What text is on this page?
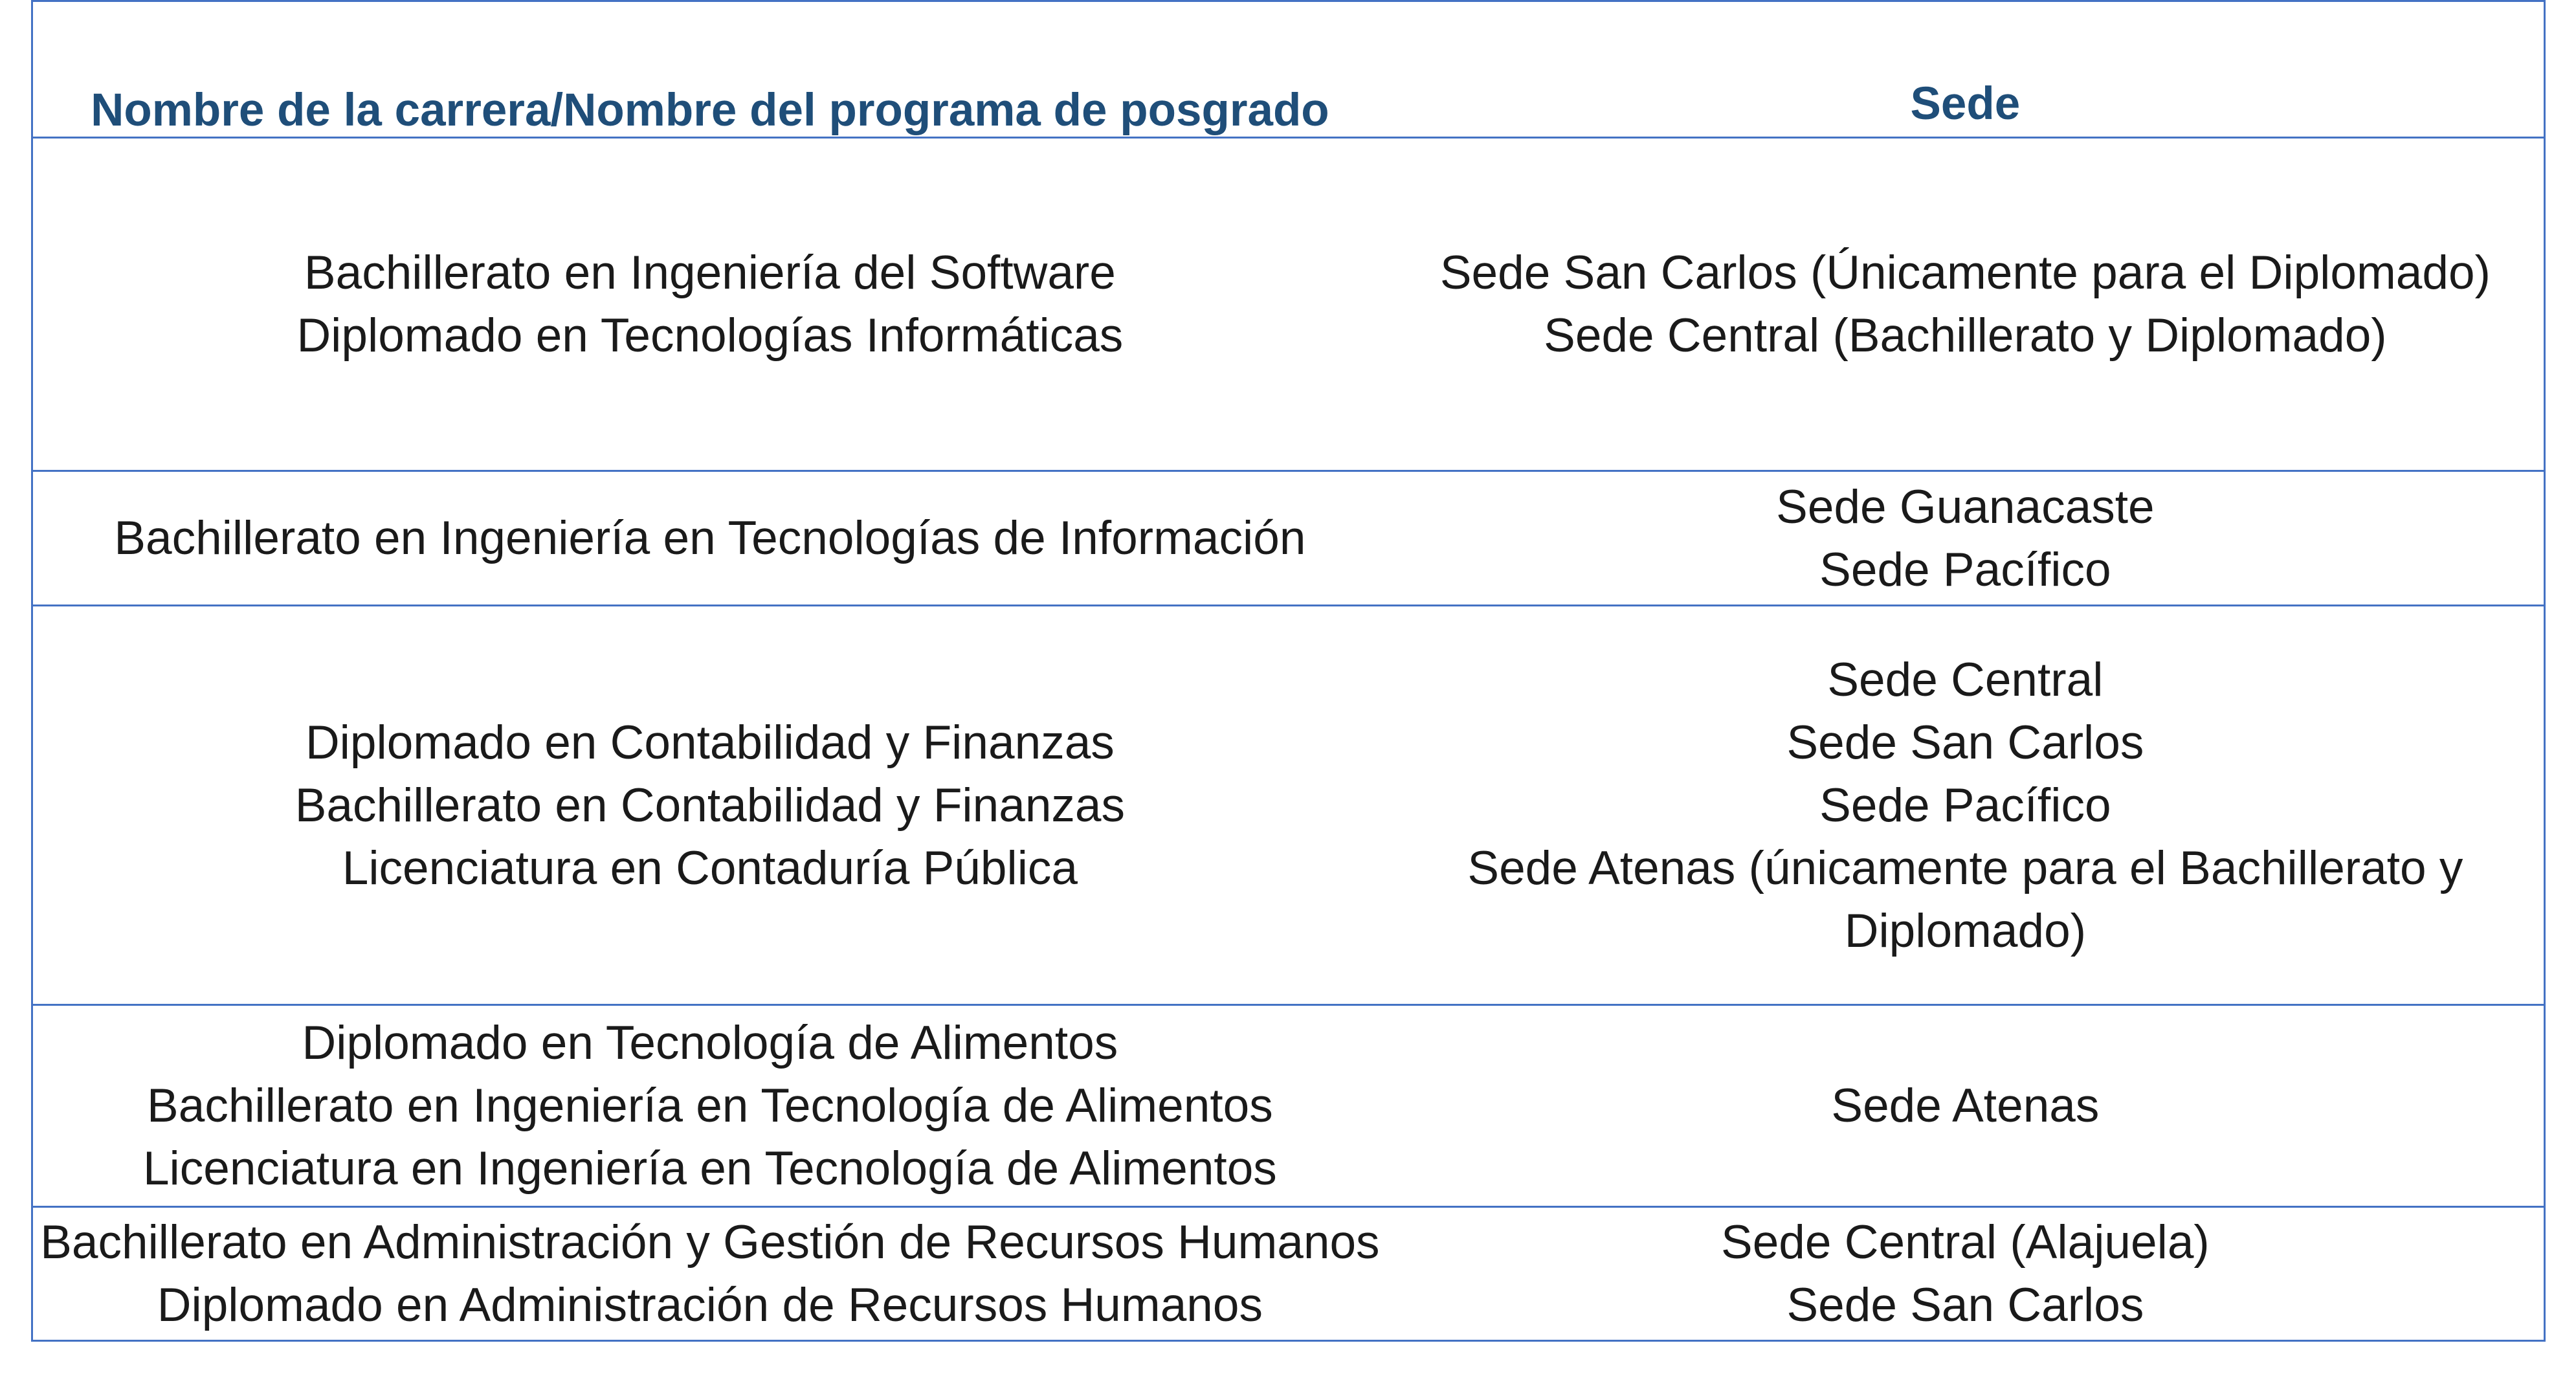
Nombre de la carrera/Nombre del programa de posgrado	Sede
Bachillerato en Ingeniería del Software
Diplomado en Tecnologías Informáticas
Sede San Carlos (Únicamente para el Diplomado)
Sede Central (Bachillerato y Diplomado)
Bachillerato en Ingeniería en Tecnologías de Información
Sede Guanacaste
Sede Pacífico
Diplomado en Contabilidad y Finanzas
Bachillerato en Contabilidad y Finanzas
Licenciatura en Contaduría Pública
Sede Central
Sede San Carlos
Sede Pacífico
Sede Atenas (únicamente para el Bachillerato y
Diplomado)
Diplomado en Tecnología de Alimentos
Bachillerato en Ingeniería en Tecnología de Alimentos
Licenciatura en Ingeniería en Tecnología de Alimentos
Sede Atenas
Bachillerato en Administración y Gestión de Recursos Humanos
Diplomado en Administración de Recursos Humanos
Sede Central (Alajuela)
Sede San Carlos
